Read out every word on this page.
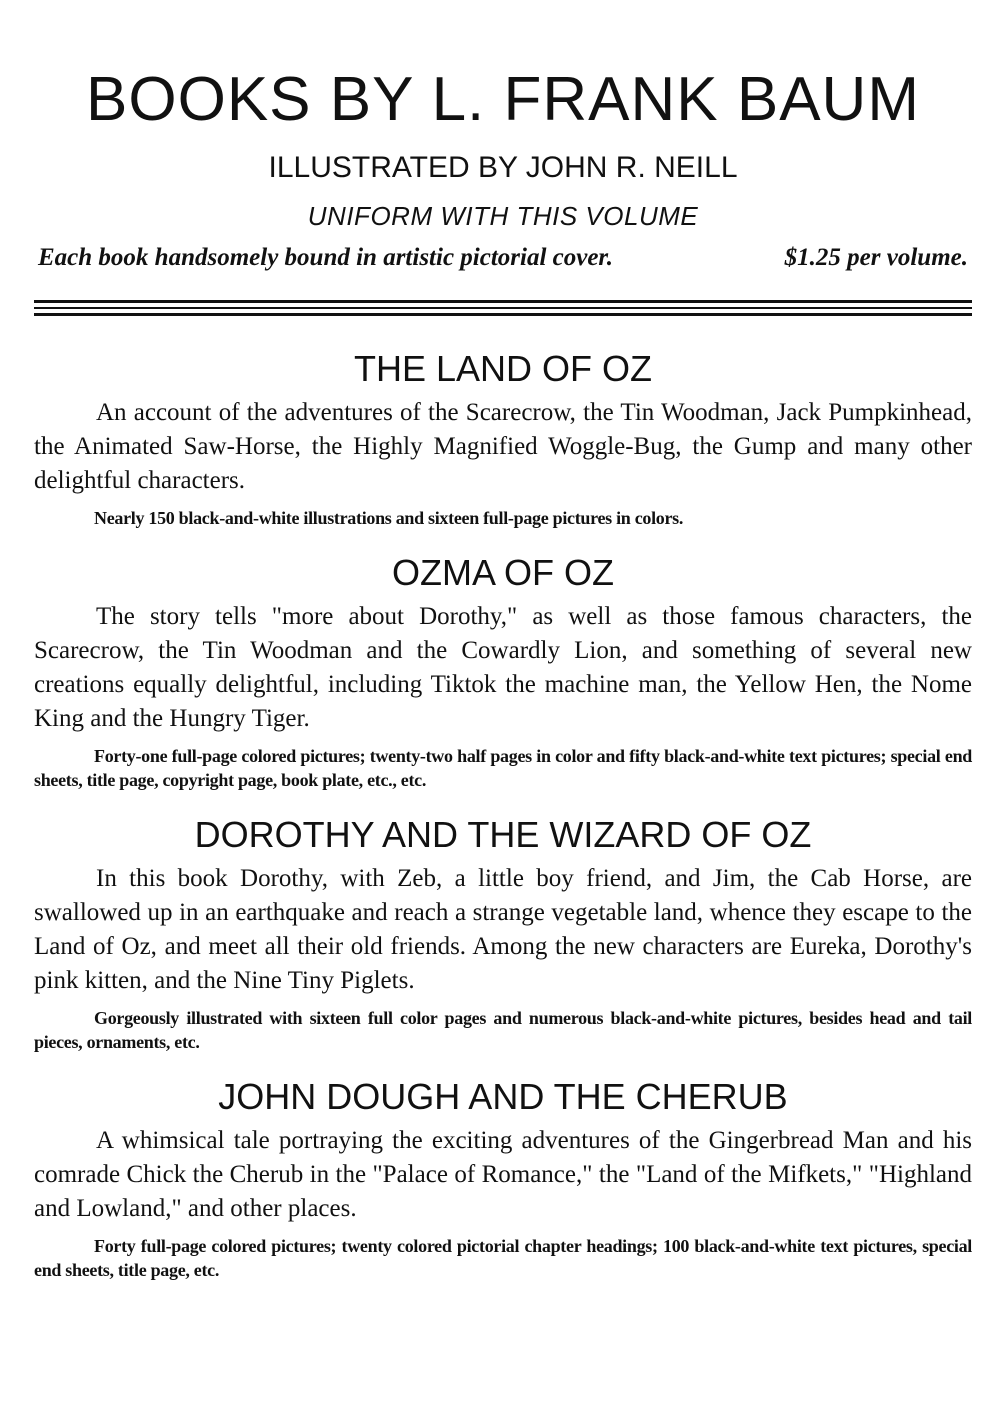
BOOKS BY L. FRANK BAUM
ILLUSTRATED BY JOHN R. NEILL
UNIFORM WITH THIS VOLUME
Each book handsomely bound in artistic pictorial cover.	$1.25 per volume.
THE LAND OF OZ

An account of the adventures of the Scarecrow, the Tin Woodman, Jack Pumpkinhead, the Animated Saw-Horse, the Highly Magnified Woggle-Bug, the Gump and many other delightful characters.

Nearly 150 black-and-white illustrations and sixteen full-page pictures in colors.

OZMA OF OZ

The story tells "more about Dorothy," as well as those famous characters, the Scarecrow, the Tin Woodman and the Cowardly Lion, and something of several new creations equally delightful, including Tiktok the machine man, the Yellow Hen, the Nome King and the Hungry Tiger.

Forty-one full-page colored pictures; twenty-two half pages in color and fifty black-and-white text pictures; special end sheets, title page, copyright page, book plate, etc., etc.

DOROTHY AND THE WIZARD OF OZ

In this book Dorothy, with Zeb, a little boy friend, and Jim, the Cab Horse, are swallowed up in an earthquake and reach a strange vegetable land, whence they escape to the Land of Oz, and meet all their old friends. Among the new characters are Eureka, Dorothy's pink kitten, and the Nine Tiny Piglets.

Gorgeously illustrated with sixteen full color pages and numerous black-and-white pictures, besides head and tail pieces, ornaments, etc.

JOHN DOUGH AND THE CHERUB

A whimsical tale portraying the exciting adventures of the Gingerbread Man and his comrade Chick the Cherub in the "Palace of Romance," the "Land of the Mifkets," "Highland and Lowland," and other places.

Forty full-page colored pictures; twenty colored pictorial chapter headings; 100 black-and-white text pictures, special end sheets, title page, etc.
